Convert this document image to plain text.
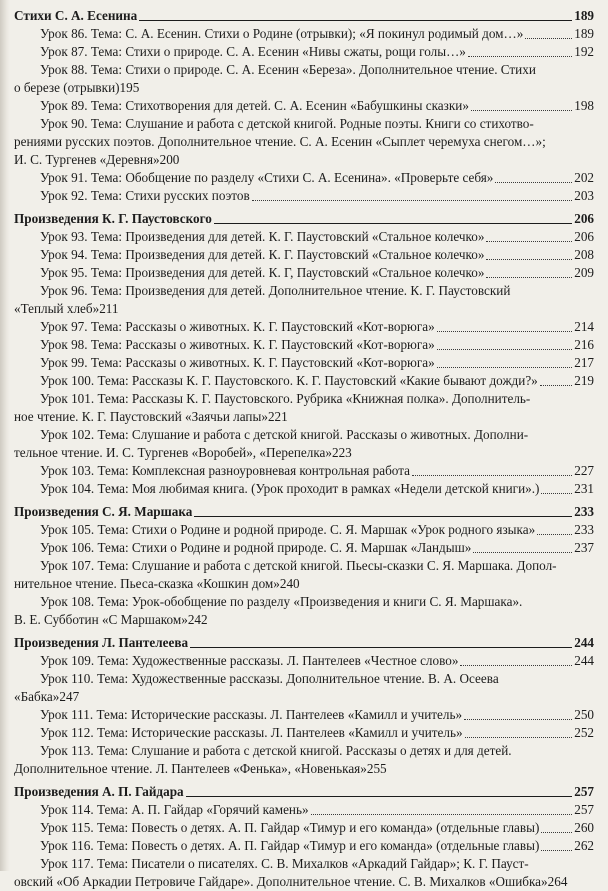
Стихи С. А. Есенина	189
Урок 86. Тема: С. А. Есенин. Стихи о Родине (отрывки); «Я покинул родимый дом…»	189
Урок 87. Тема: Стихи о природе. С. А. Есенин «Нивы сжаты, рощи голы…»	192
Урок 88. Тема: Стихи о природе. С. А. Есенин «Береза». Дополнительное чтение. Стихи
о березе (отрывки) 195
Урок 89. Тема: Стихотворения для детей. С. А. Есенин «Бабушкины сказки»	198
Урок 90. Тема: Слушание и работа с детской книгой. Родные поэты. Книги со стихотво-
рениями русских поэтов. Дополнительное чтение. С. А. Есенин «Сыплет черемуха снегом…»;
И. С. Тургенев «Деревня» 200
Урок 91. Тема: Обобщение по разделу «Стихи С. А. Есенина». «Проверьте себя»	202
Урок 92. Тема: Стихи русских поэтов	203
Произведения К. Г. Паустовского	206
Урок 93. Тема: Произведения для детей. К. Г. Паустовский «Стальное колечко»	206
Урок 94. Тема: Произведения для детей. К. Г. Паустовский «Стальное колечко»	208
Урок 95. Тема: Произведения для детей. К. Г, Паустовский «Стальное колечко»	209
Урок 96. Тема: Произведения для детей. Дополнительное чтение. К. Г. Паустовский
«Теплый хлеб» 211
Урок 97. Тема: Рассказы о животных. К. Г. Паустовский «Кот-ворюга»	214
Урок 98. Тема: Рассказы о животных. К. Г. Паустовский «Кот-ворюга»	216
Урок 99. Тема: Рассказы о животных. К. Г. Паустовский «Кот-ворюга»	217
Урок 100. Тема: Рассказы К. Г. Паустовского. К. Г. Паустовский «Какие бывают дожди?»	219
Урок 101. Тема: Рассказы К. Г. Паустовского. Рубрика «Книжная полка». Дополнитель-
ное чтение. К. Г. Паустовский «Заячьи лапы» 221
Урок 102. Тема: Слушание и работа с детской книгой. Рассказы о животных. Дополни-
тельное чтение. И. С. Тургенев «Воробей», «Перепелка» 223
Урок 103. Тема: Комплексная разноуровневая контрольная работа	227
Урок 104. Тема: Моя любимая книга. (Урок проходит в рамках «Недели детской книги».)	231
Произведения С. Я. Маршака	233
Урок 105. Тема: Стихи о Родине и родной природе. С. Я. Маршак «Урок родного языка»	233
Урок 106. Тема: Стихи о Родине и родной природе. С. Я. Маршак «Ландыш»	237
Урок 107. Тема: Слушание и работа с детской книгой. Пьесы-сказки С. Я. Маршака. Допол-
нительное чтение. Пьеса-сказка «Кошкин дом» 240
Урок 108. Тема: Урок-обобщение по разделу «Произведения и книги С. Я. Маршака».
В. Е. Субботин «С Маршаком» 242
Произведения Л. Пантелеева	244
Урок 109. Тема: Художественные рассказы. Л. Пантелеев «Честное слово»	244
Урок 110. Тема: Художественные рассказы. Дополнительное чтение. В. А. Осеева
«Бабка» 247
Урок 111. Тема: Исторические рассказы. Л. Пантелеев «Камилл и учитель»	250
Урок 112. Тема: Исторические рассказы. Л. Пантелеев «Камилл и учитель»	252
Урок 113. Тема: Слушание и работа с детской книгой. Рассказы о детях и для детей.
Дополнительное чтение. Л. Пантелеев «Фенька», «Новенькая» 255
Произведения А. П. Гайдара	257
Урок 114. Тема: А. П. Гайдар «Горячий камень»	257
Урок 115. Тема: Повесть о детях. А. П. Гайдар «Тимур и его команда» (отдельные главы)	260
Урок 116. Тема: Повесть о детях. А. П. Гайдар «Тимур и его команда» (отдельные главы)	262
Урок 117. Тема: Писатели о писателях. С. В. Михалков «Аркадий Гайдар»; К. Г. Пауст-
овский «Об Аркадии Петровиче Гайдаре». Дополнительное чтение. С. В. Михалков «Ошибка» 264
